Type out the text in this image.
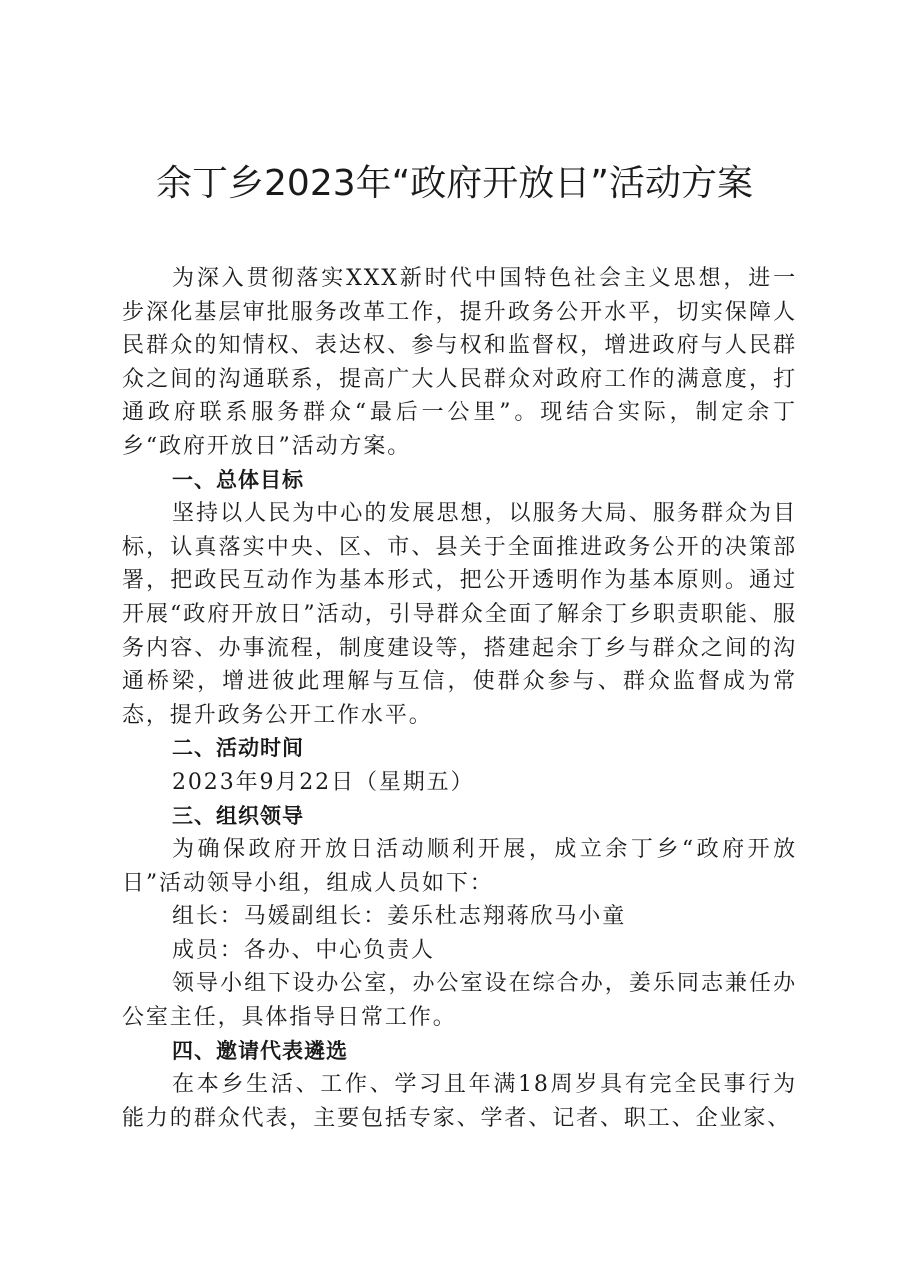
余丁乡2023年“政府开放日”活动方案

为深入贯彻落实XXX新时代中国特色社会主义思想，进一步深化基层审批服务改革工作，提升政务公开水平，切实保障人民群众的知情权、表达权、参与权和监督权，增进政府与人民群众之间的沟通联系，提高广大人民群众对政府工作的满意度，打通政府联系服务群众“最后一公里”。现结合实际，制定余丁乡“政府开放日”活动方案。

一、总体目标

坚持以人民为中心的发展思想，以服务大局、服务群众为目标，认真落实中央、区、市、县关于全面推进政务公开的决策部署，把政民互动作为基本形式，把公开透明作为基本原则。通过开展“政府开放日”活动，引导群众全面了解余丁乡职责职能、服务内容、办事流程，制度建设等，搭建起余丁乡与群众之间的沟通桥梁，增进彼此理解与互信，使群众参与、群众监督成为常态，提升政务公开工作水平。

二、活动时间

2023年9月22日（星期五）

三、组织领导

为确保政府开放日活动顺利开展，成立余丁乡“政府开放日”活动领导小组，组成人员如下：

组长：马媛副组长：姜乐杜志翔蒋欣马小童

成员：各办、中心负责人

领导小组下设办公室，办公室设在综合办，姜乐同志兼任办公室主任，具体指导日常工作。

四、邀请代表遴选

在本乡生活、工作、学习且年满18周岁具有完全民事行为能力的群众代表，主要包括专家、学者、记者、职工、企业家、
